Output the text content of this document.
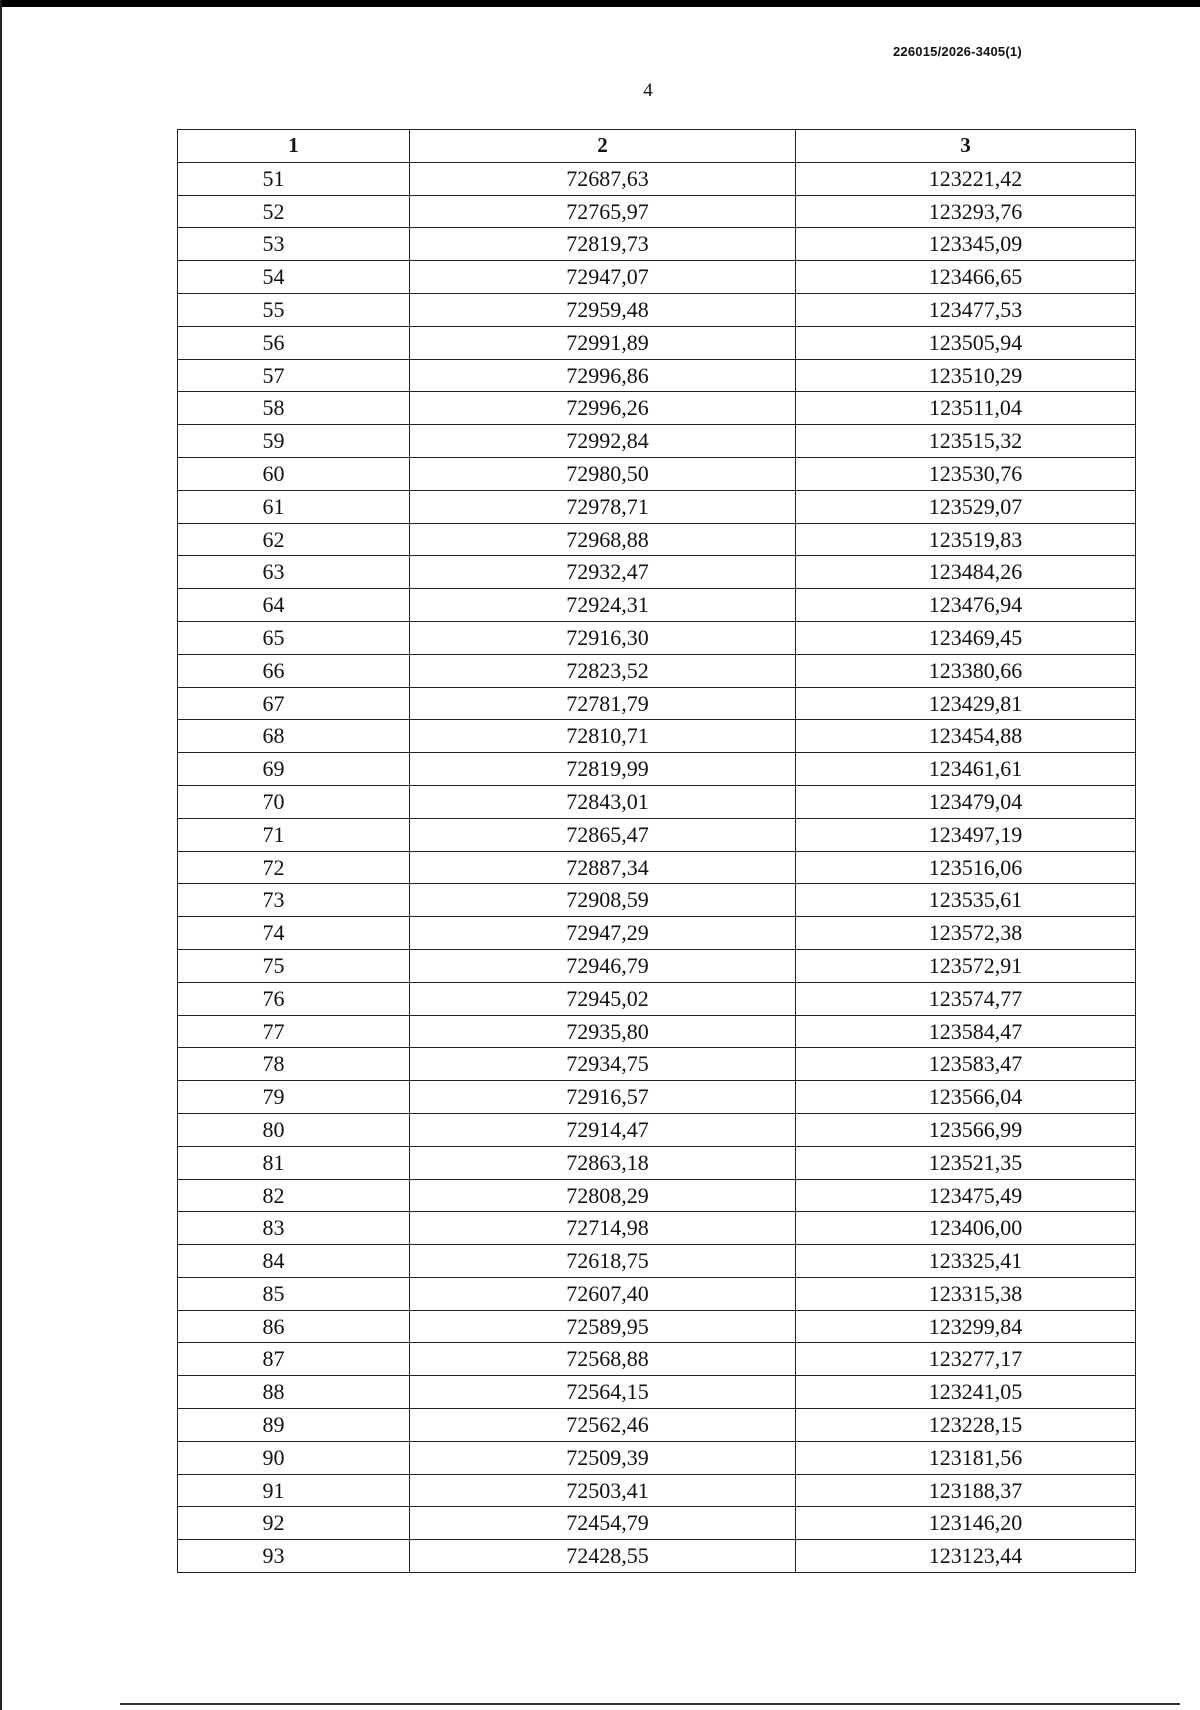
226015/2026-3405(1)
4
1	2	3
51	72687,63	123221,42
52	72765,97	123293,76
53	72819,73	123345,09
54	72947,07	123466,65
55	72959,48	123477,53
56	72991,89	123505,94
57	72996,86	123510,29
58	72996,26	123511,04
59	72992,84	123515,32
60	72980,50	123530,76
61	72978,71	123529,07
62	72968,88	123519,83
63	72932,47	123484,26
64	72924,31	123476,94
65	72916,30	123469,45
66	72823,52	123380,66
67	72781,79	123429,81
68	72810,71	123454,88
69	72819,99	123461,61
70	72843,01	123479,04
71	72865,47	123497,19
72	72887,34	123516,06
73	72908,59	123535,61
74	72947,29	123572,38
75	72946,79	123572,91
76	72945,02	123574,77
77	72935,80	123584,47
78	72934,75	123583,47
79	72916,57	123566,04
80	72914,47	123566,99
81	72863,18	123521,35
82	72808,29	123475,49
83	72714,98	123406,00
84	72618,75	123325,41
85	72607,40	123315,38
86	72589,95	123299,84
87	72568,88	123277,17
88	72564,15	123241,05
89	72562,46	123228,15
90	72509,39	123181,56
91	72503,41	123188,37
92	72454,79	123146,20
93	72428,55	123123,44
